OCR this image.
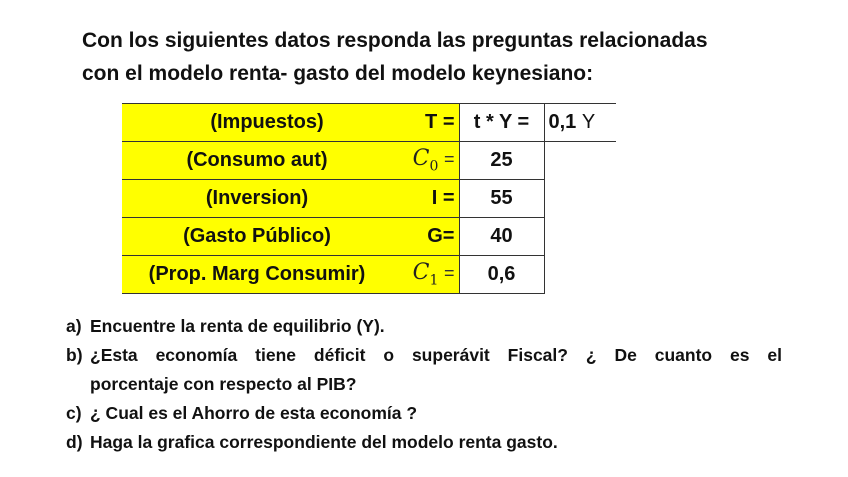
Con los siguientes datos responda las preguntas relacionadas
con el modelo renta- gasto del modelo keynesiano:
(Impuestos)	T =	t * Y =	0,1 Y
(Consumo aut)	$C_0$ =	25	
(Inversion)	I =	55	
(Gasto Público)	G=	40	
(Prop. Marg Consumir)	$C_1$ =	0,6	
a) Encuentre la renta de equilibrio (Y).
b) ¿Esta economía tiene déficit o superávit Fiscal? ¿ De cuanto es el
porcentaje con respecto al PIB?
c) ¿ Cual es el Ahorro de esta economía ?
d) Haga la grafica correspondiente del modelo renta gasto.
